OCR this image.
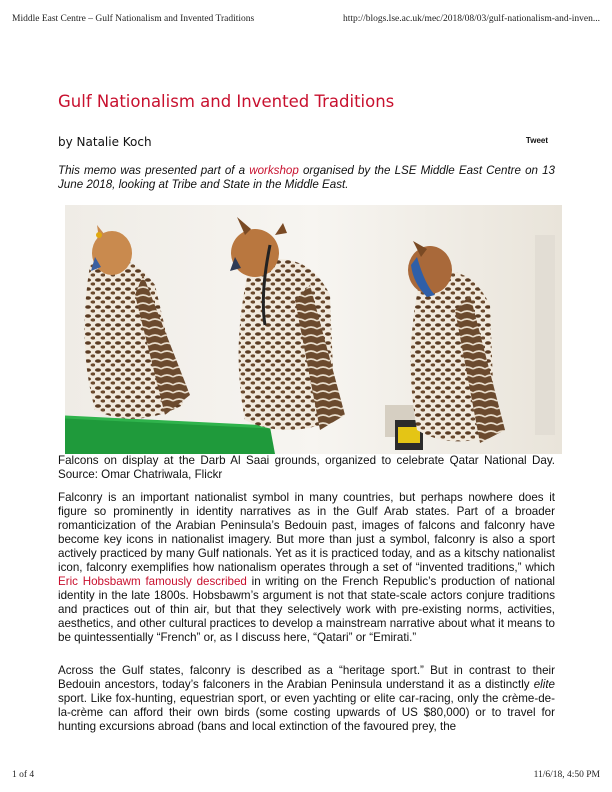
Middle East Centre – Gulf Nationalism and Invented Traditions	http://blogs.lse.ac.uk/mec/2018/08/03/gulf-nationalism-and-inven...
Gulf Nationalism and Invented Traditions
by Natalie Koch	Tweet

This memo was presented part of a workshop organised by the LSE Middle East Centre on 13 June 2018, looking at Tribe and State in the Middle East.

Falcons on display at the Darb Al Saai grounds, organized to celebrate Qatar National Day. Source: Omar Chatriwala, Flickr

Falconry is an important nationalist symbol in many countries, but perhaps nowhere does it figure so prominently in identity narratives as in the Gulf Arab states. Part of a broader romanticization of the Arabian Peninsula’s Bedouin past, images of falcons and falconry have become key icons in nationalist imagery. But more than just a symbol, falconry is also a sport actively practiced by many Gulf nationals. Yet as it is practiced today, and as a kitschy nationalist icon, falconry exemplifies how nationalism operates through a set of “invented traditions,” which Eric Hobsbawm famously described in writing on the French Republic’s production of national identity in the late 1800s. Hobsbawm’s argument is not that state-scale actors conjure traditions and practices out of thin air, but that they selectively work with pre-existing norms, activities, aesthetics, and other cultural practices to develop a mainstream narrative about what it means to be quintessentially “French” or, as I discuss here, “Qatari” or “Emirati.”

Across the Gulf states, falconry is described as a “heritage sport.” But in contrast to their Bedouin ancestors, today’s falconers in the Arabian Peninsula understand it as a distinctly elite sport. Like fox-hunting, equestrian sport, or even yachting or elite car-racing, only the crème-de-la-crème can afford their own birds (some costing upwards of US $80,000) or to travel for hunting excursions abroad (bans and local extinction of the favoured prey, the

1 of 4	11/6/18, 4:50 PM
